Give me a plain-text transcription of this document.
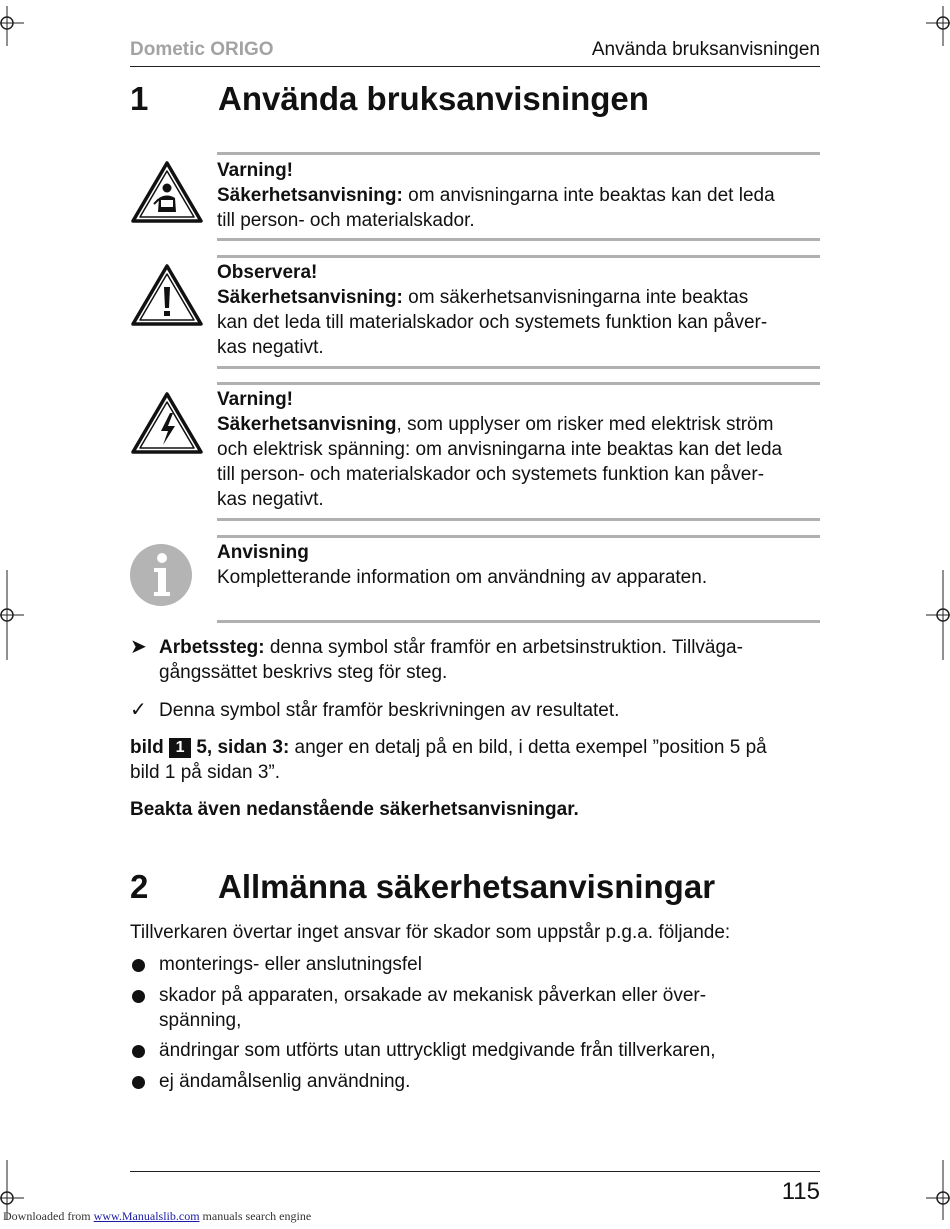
Dometic ORIGO	Använda bruksanvisningen
1 Använda bruksanvisningen
Varning!
Säkerhetsanvisning: om anvisningarna inte beaktas kan det leda
till person- och materialskador.
Observera!
Säkerhetsanvisning: om säkerhetsanvisningarna inte beaktas
kan det leda till materialskador och systemets funktion kan påver-
kas negativt.
Varning!
Säkerhetsanvisning, som upplyser om risker med elektrisk ström
och elektrisk spänning: om anvisningarna inte beaktas kan det leda
till person- och materialskador och systemets funktion kan påver-
kas negativt.
Anvisning
Kompletterande information om användning av apparaten.
➤ Arbetssteg: denna symbol står framför en arbetsinstruktion. Tillväga-
gångssättet beskrivs steg för steg.
✓ Denna symbol står framför beskrivningen av resultatet.
bild 1 5, sidan 3: anger en detalj på en bild, i detta exempel ”position 5 på
bild 1 på sidan 3”.
Beakta även nedanstående säkerhetsanvisningar.
2 Allmänna säkerhetsanvisningar
Tillverkaren övertar inget ansvar för skador som uppstår p.g.a. följande:
monterings- eller anslutningsfel
skador på apparaten, orsakade av mekanisk påverkan eller över-
spänning,
ändringar som utförts utan uttryckligt medgivande från tillverkaren,
ej ändamålsenlig användning.
115
Downloaded from www.Manualslib.com manuals search engine
